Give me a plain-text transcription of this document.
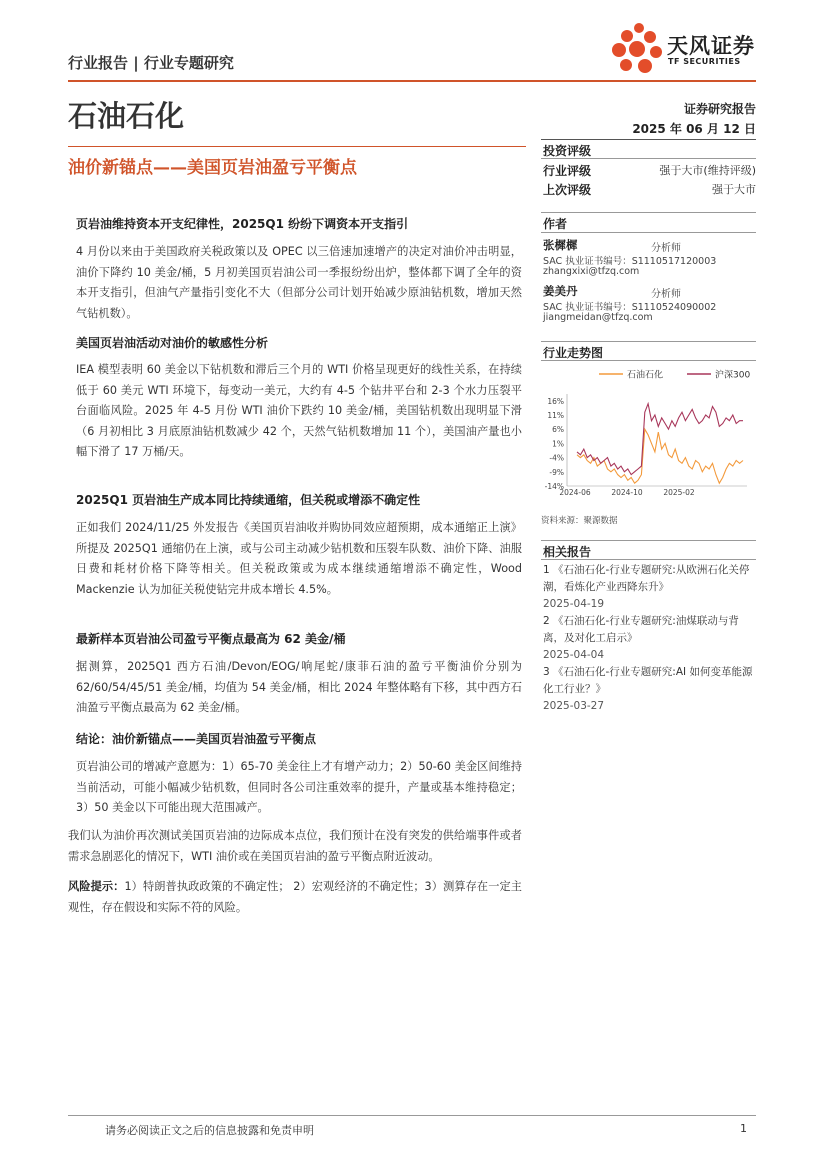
行业报告 | 行业专题研究
天风证券
TF SECURITIES
石油石化	证券研究报告
2025 年 06 月 12 日
油价新锚点——美国页岩油盈亏平衡点
页岩油维持资本开支纪律性，2025Q1 纷纷下调资本开支指引
4 月份以来由于美国政府关税政策以及 OPEC 以三倍速加速增产的决定对油价冲击明显，油价下降约 10 美金/桶，5 月初美国页岩油公司一季报纷纷出炉，整体都下调了全年的资本开支指引，但油气产量指引变化不大（但部分公司计划开始减少原油钻机数，增加天然气钻机数）。
美国页岩油活动对油价的敏感性分析
IEA 模型表明 60 美金以下钻机数和滞后三个月的 WTI 价格呈现更好的线性关系，在持续低于 60 美元 WTI 环境下，每变动一美元，大约有 4-5 个钻井平台和 2-3 个水力压裂平台面临风险。2025 年 4-5 月份 WTI 油价下跌约 10 美金/桶，美国钻机数出现明显下滑（6 月初相比 3 月底原油钻机数减少 42 个，天然气钻机数增加 11 个），美国油产量也小幅下滑了 17 万桶/天。
2025Q1 页岩油生产成本同比持续通缩，但关税或增添不确定性
正如我们 2024/11/25 外发报告《美国页岩油收并购协同效应超预期，成本通缩正上演》所提及 2025Q1 通缩仍在上演，或与公司主动减少钻机数和压裂车队数、油价下降、油服日费和耗材价格下降等相关。但关税政策或为成本继续通缩增添不确定性，Wood Mackenzie 认为加征关税使钻完井成本增长 4.5%。
最新样本页岩油公司盈亏平衡点最高为 62 美金/桶
据测算，2025Q1 西方石油/Devon/EOG/响尾蛇/康菲石油的盈亏平衡油价分别为 62/60/54/45/51 美金/桶，均值为 54 美金/桶，相比 2024 年整体略有下移，其中西方石油盈亏平衡点最高为 62 美金/桶。
结论：油价新锚点——美国页岩油盈亏平衡点
页岩油公司的增减产意愿为：1）65-70 美金往上才有增产动力；2）50-60 美金区间维持当前活动，可能小幅减少钻机数，但同时各公司注重效率的提升，产量或基本维持稳定；3）50 美金以下可能出现大范围减产。
我们认为油价再次测试美国页岩油的边际成本点位，我们预计在没有突发的供给端事件或者需求急剧恶化的情况下，WTI 油价或在美国页岩油的盈亏平衡点附近波动。
风险提示：1）特朗普执政政策的不确定性； 2）宏观经济的不确定性；3）测算存在一定主观性，存在假设和实际不符的风险。
投资评级
行业评级	强于大市(维持评级)
上次评级	强于大市
作者
张樨樨	分析师
SAC 执业证书编号：S1110517120003
zhangxixi@tfzq.com
姜美丹	分析师
SAC 执业证书编号：S1110524090002
jiangmeidan@tfzq.com
行业走势图
石油石化	沪深300
16%
11%
6%
1%
-4%
-9%
-14%
2024-06	2024-10	2025-02
资料来源：聚源数据
相关报告
1 《石油石化-行业专题研究:从欧洲石化关停潮，看炼化产业西降东升》
2025-04-19
2 《石油石化-行业专题研究:油煤联动与背离，及对化工启示》
2025-04-04
3 《石油石化-行业专题研究:AI 如何变革能源化工行业？》
2025-03-27
请务必阅读正文之后的信息披露和免责申明	1
